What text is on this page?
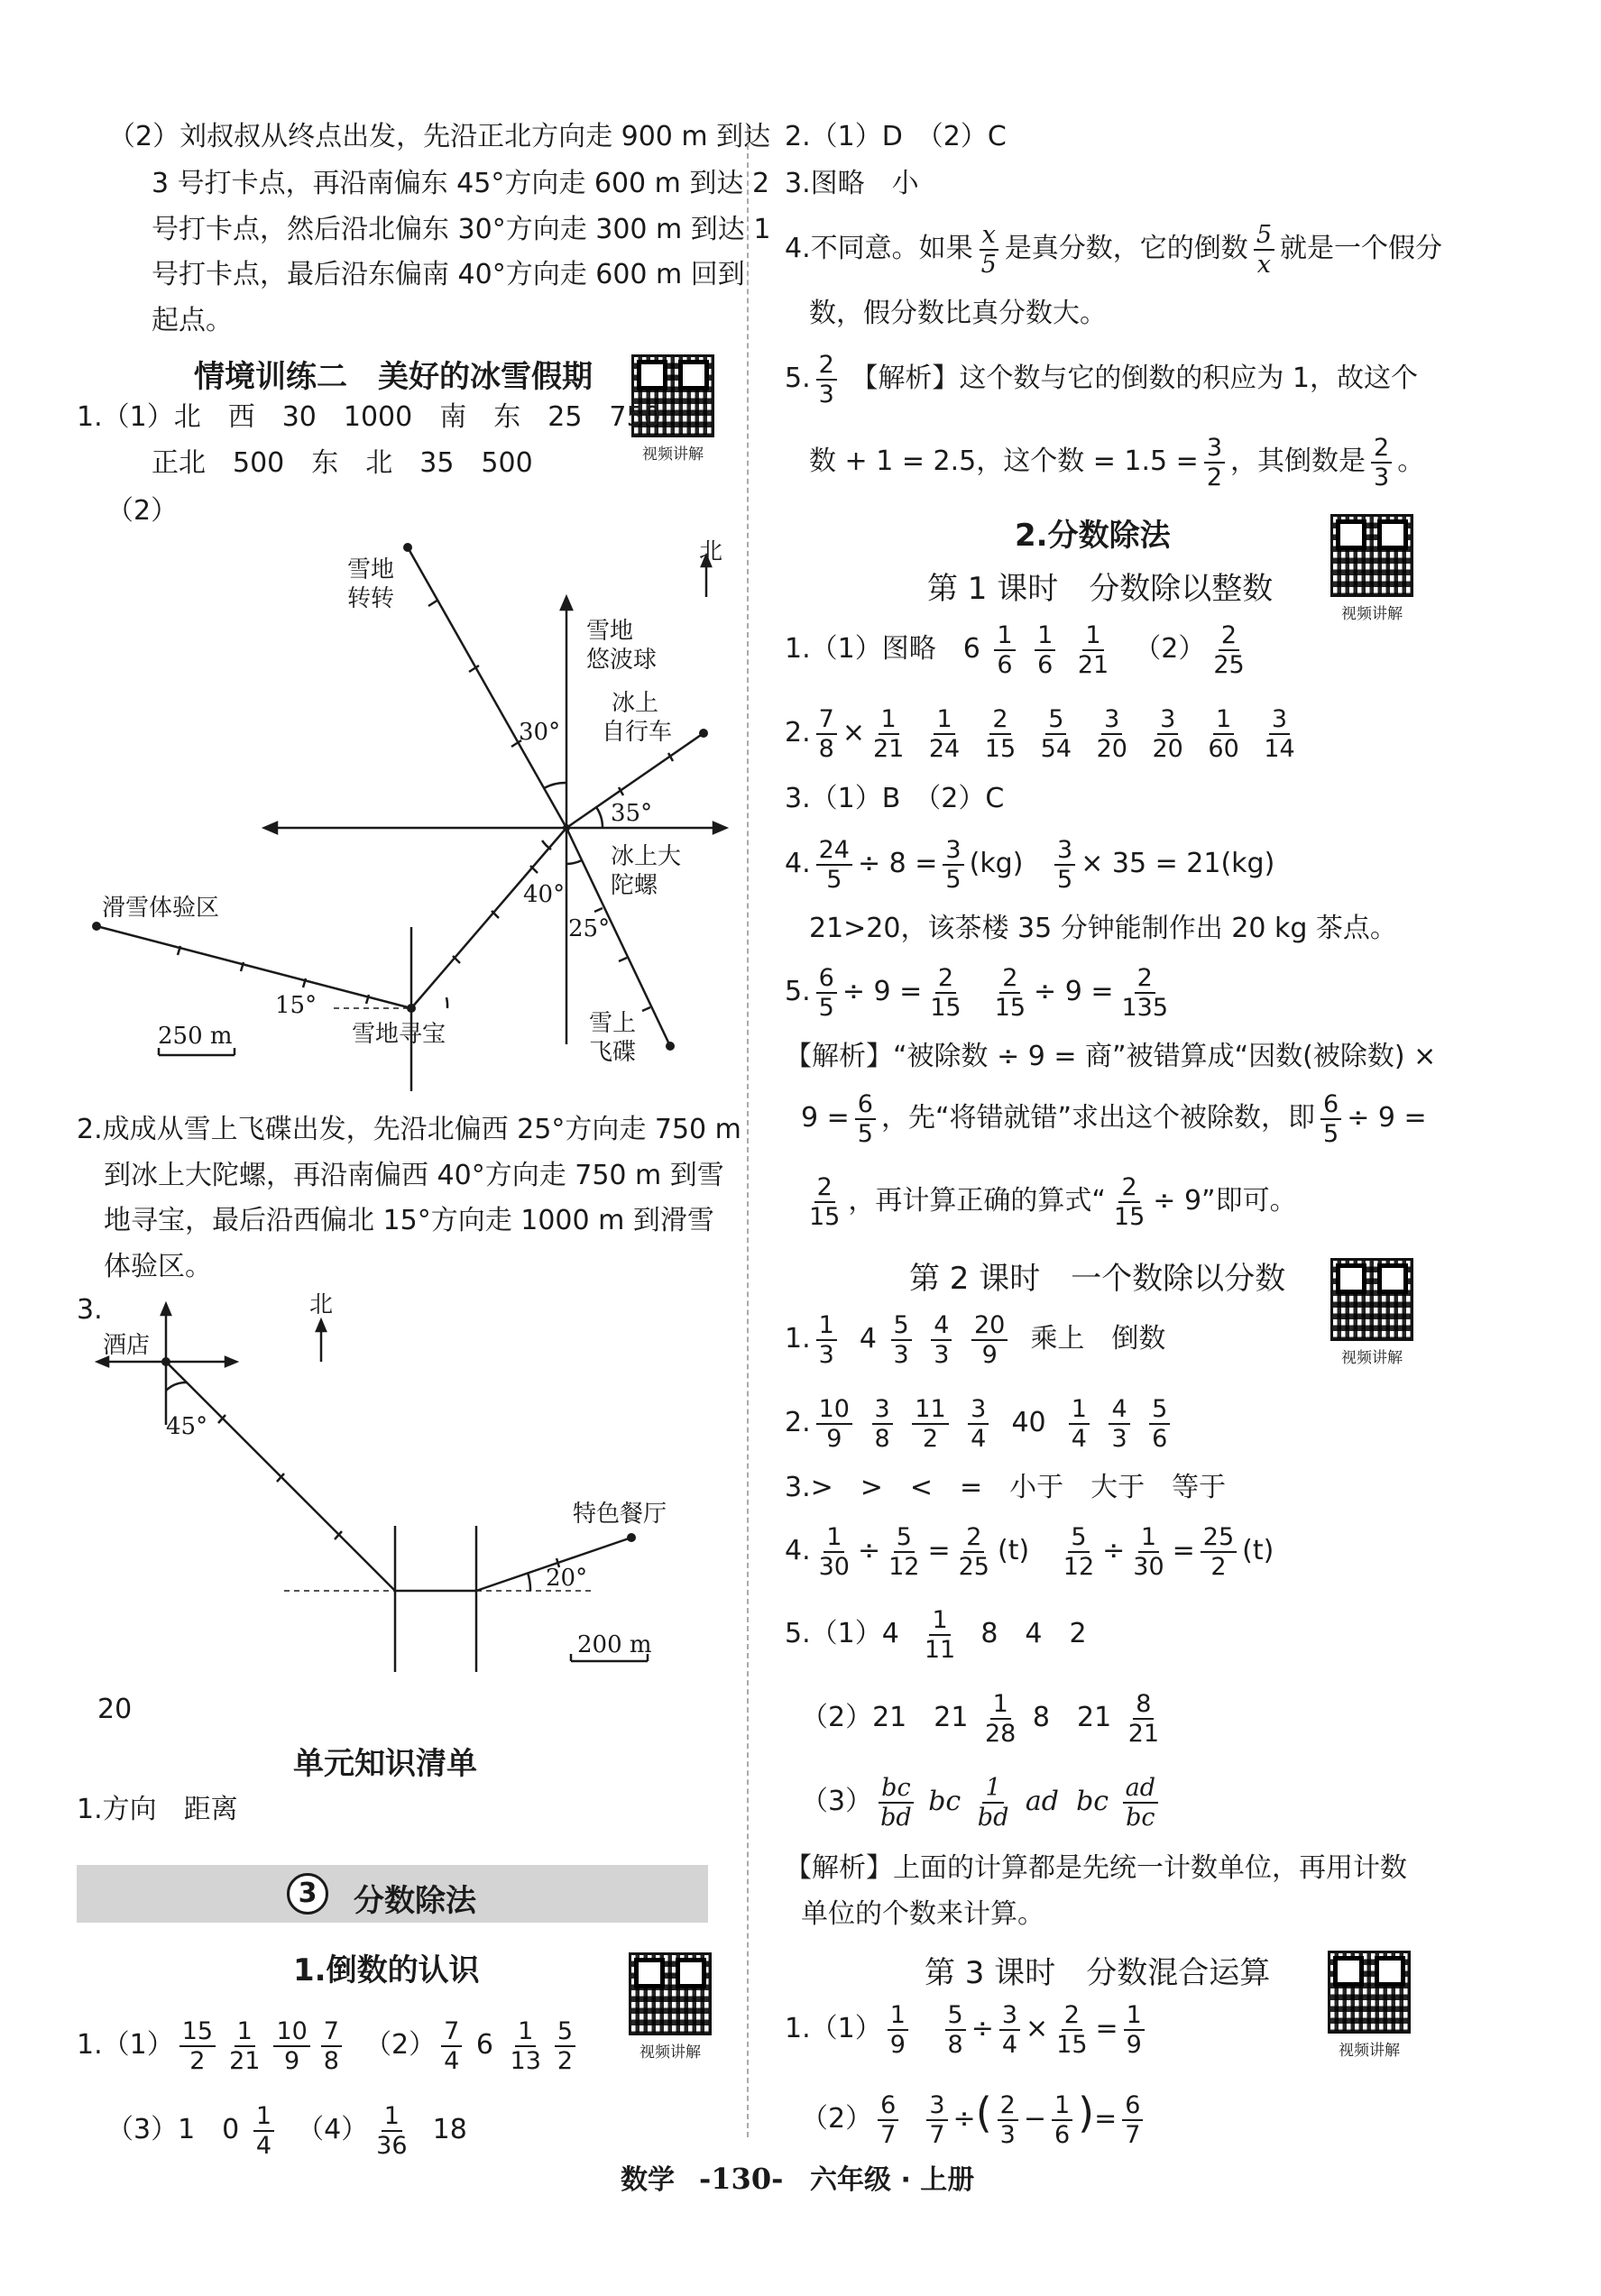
（2）刘叔叔从终点出发，先沿正北方向走 900 m 到达
3 号打卡点，再沿南偏东 45°方向走 600 m 到达 2
号打卡点，然后沿北偏东 30°方向走 300 m 到达 1
号打卡点，最后沿东偏南 40°方向走 600 m 回到
起点。
情境训练二　美好的冰雪假期
视频讲解
1.（1）北　西　30　1000　南　东　25　750
正北　500　东　北　35　500
（2）
北
雪地
转转
雪地
悠波球
冰上
自行车
冰上大
陀螺
雪上
飞碟
雪地寻宝
滑雪体验区
30°
35°
40°
25°
15°
250 m
2.成成从雪上飞碟出发，先沿北偏西 25°方向走 750 m
到冰上大陀螺，再沿南偏西 40°方向走 750 m 到雪
地寻宝，最后沿西偏北 15°方向走 1000 m 到滑雪
体验区。
3.	北
酒店
特色餐厅
45°
20°
200 m
20
单元知识清单
1.方向　距离
3	分数除法
1.倒数的认识
视频讲解
$1.(1) \frac{15}{2} \frac{1}{21} \frac{10}{9} \frac{7}{8} (2) \frac{7}{4} 6 \frac{1}{13} \frac{5}{2}$
（3）1　$0 \frac{1}{4} (4) \frac{1}{36} 18$
2.（1）D　（2）C
3.图略　小
4.不同意。如果 $\frac{x}{5}$ 是真分数，它的倒数 $\frac{5}{x}$ 就是一个假分
数，假分数比真分数大。
5. $\frac{2}{3}$ 【解析】这个数与它的倒数的积应为 1，故这个
数 + 1 = 2.5，这个数 = $1.5 = \frac{3}{2}$ ，其倒数是 $\frac{2}{3}$ 。
2.分数除法
视频讲解
第 1 课时　分数除以整数
1.（1）图略　$6 \frac{1}{6}$
$\frac{1}{6}$
$\frac{1}{21} (2) \frac{2}{25}$
2. $\frac{7}{8} \times \frac{1}{21}$
$\frac{1}{24}$
$\frac{2}{15}$
$\frac{5}{54}$
$\frac{3}{20}$
$\frac{3}{20}$
$\frac{1}{60}$
$\frac{3}{14}$
3.（1）B　（2）C
4. $\frac{24}{5} \div 8 = \frac{3}{5} (kg) \frac{3}{5} \times 35 = 21(kg)$
21>20，该茶楼 35 分钟能制作出 20 kg 茶点。
5. $\frac{6}{5} \div 9 = \frac{2}{15}$
$\frac{2}{15} \div 9 = \frac{2}{135}$
【解析】“被除数 ÷ 9 = 商”被错算成“因数(被除数) ×
$9 = \frac{6}{5}$ ，先“将错就错”求出这个被除数，即 $\frac{6}{5} \div 9$ =
$\frac{2}{15}$ ，再计算正确的算式“ $\frac{2}{15} \div 9$”即可。
第 2 课时　一个数除以分数
视频讲解
1. $\frac{1}{3} 4 \frac{5}{3}$
$\frac{4}{3}$
$\frac{20}{9}$ 乘上　倒数
2. $\frac{10}{9}$
$\frac{3}{8}$
$\frac{11}{2}$
$\frac{3}{4} 40 \frac{1}{4}$
$\frac{4}{3}$
$\frac{5}{6}$
3.>　>　<　=　小于　大于　等于
4. $\frac{1}{30} \div \frac{5}{12} = \frac{2}{25} (t) \frac{5}{12} \div \frac{1}{30} = \frac{25}{2} (t)$
$5.(1)4 \frac{1}{11} 8$　4　2
（2）21　$21 \frac{1}{28} 8$　$21 \frac{8}{21}$
$(3) \frac{bc}{bd}$ bc $\frac{1}{bd}$ ad bc $\frac{ad}{bc}$
【解析】上面的计算都是先统一计数单位，再用计数
单位的个数来计算。
第 3 课时　分数混合运算
视频讲解
$1.(1) \frac{1}{9}$
$\frac{5}{8} \div \frac{3}{4} \times \frac{2}{15} = \frac{1}{9}$
$(2) \frac{6}{7}$
$\frac{3}{7}$ ÷( $\frac{2}{3} - \frac{1}{6}$ )= $\frac{6}{7}$
数学 -130- 六年级 · 上册
